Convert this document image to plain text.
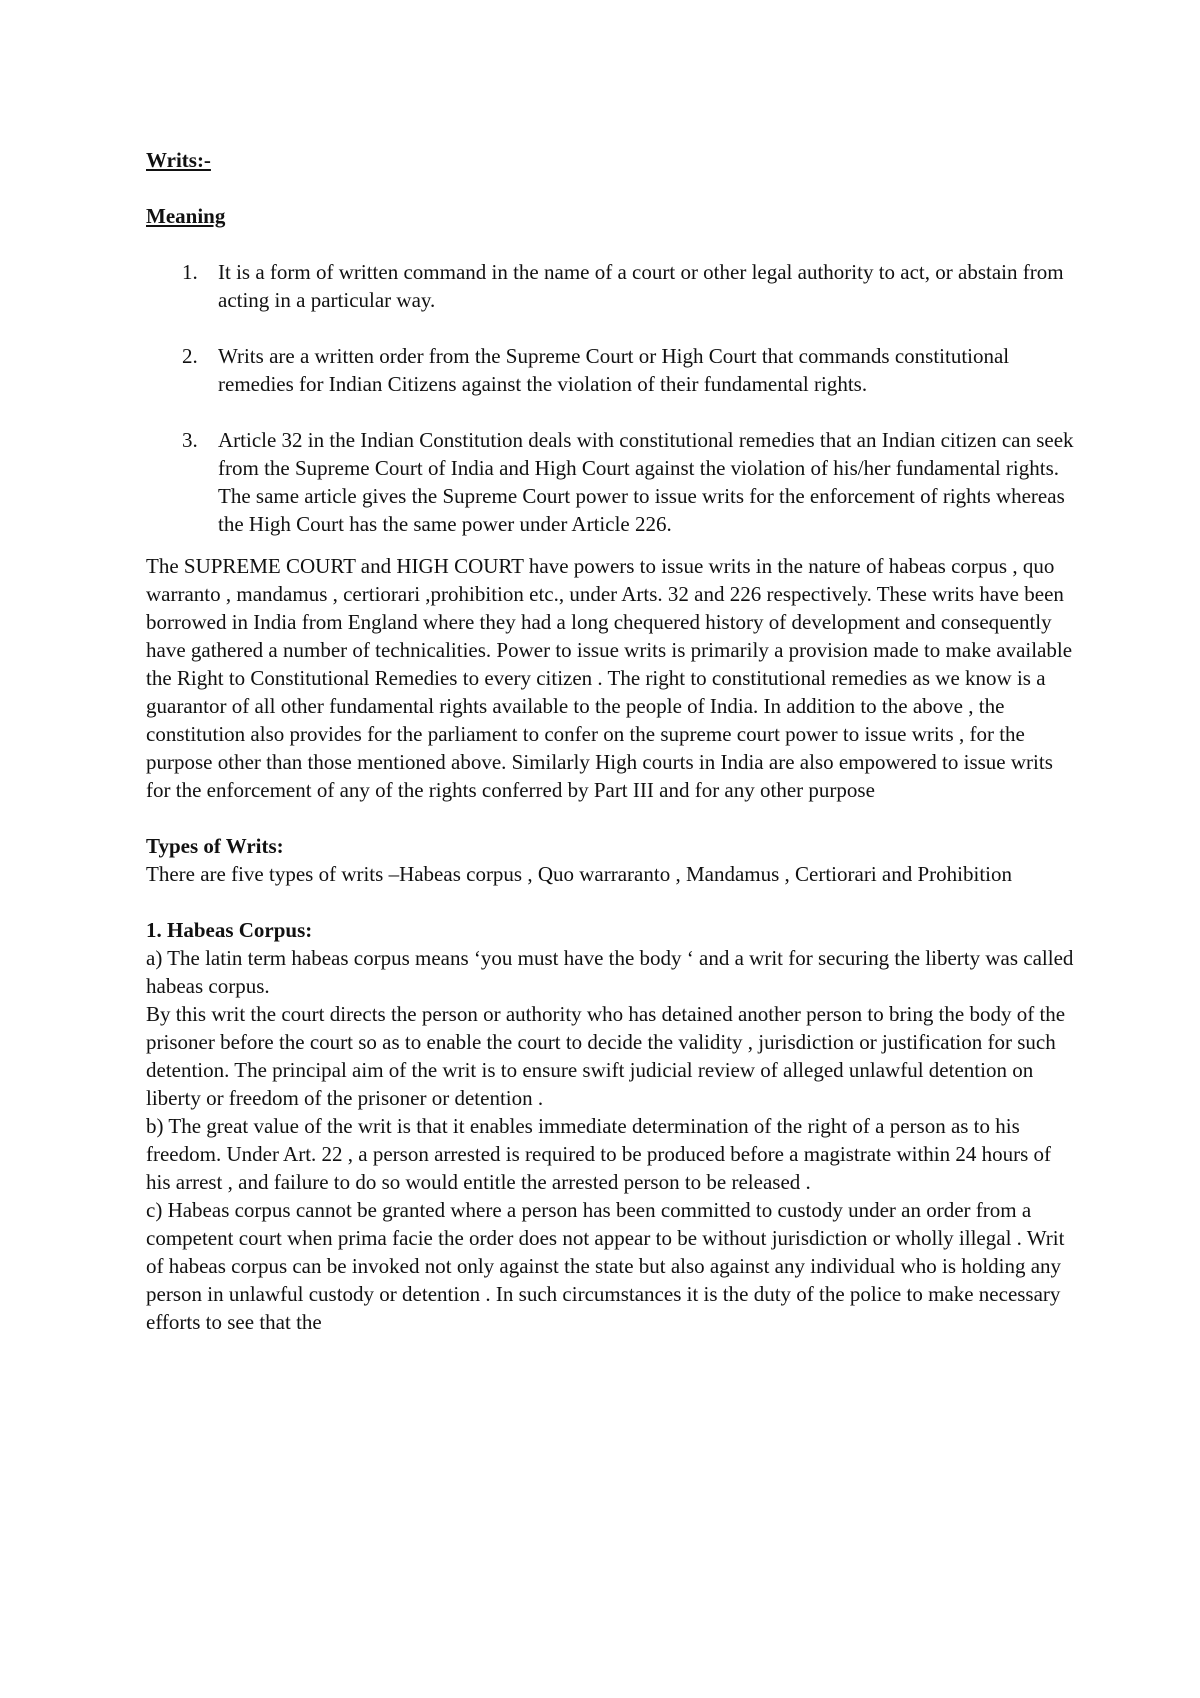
Writs:-

Meaning

1. It is a form of written command in the name of a court or other legal authority to act, or abstain from acting in a particular way.
2. Writs are a written order from the Supreme Court or High Court that commands constitutional remedies for Indian Citizens against the violation of their fundamental rights.
3. Article 32 in the Indian Constitution deals with constitutional remedies that an Indian citizen can seek from the Supreme Court of India and High Court against the violation of his/her fundamental rights. The same article gives the Supreme Court power to issue writs for the enforcement of rights whereas the High Court has the same power under Article 226.

The SUPREME COURT and HIGH COURT have powers to issue writs in the nature of habeas corpus , quo warranto , mandamus , certiorari ,prohibition etc., under Arts. 32 and 226 respectively. These writs have been borrowed in India from England where they had a long chequered history of development and consequently have gathered a number of technicalities. Power to issue writs is primarily a provision made to make available the Right to Constitutional Remedies to every citizen . The right to constitutional remedies as we know is a guarantor of all other fundamental rights available to the people of India. In addition to the above , the constitution also provides for the parliament to confer on the supreme court power to issue writs , for the purpose other than those mentioned above. Similarly High courts in India are also empowered to issue writs for the enforcement of any of the rights conferred by Part III and for any other purpose

Types of Writs:

There are five types of writs –Habeas corpus , Quo warraranto , Mandamus , Certiorari and Prohibition

1. Habeas Corpus:

a) The latin term habeas corpus means ‘you must have the body ‘ and a writ for securing the liberty was called habeas corpus.

By this writ the court directs the person or authority who has detained another person to bring the body of the prisoner before the court so as to enable the court to decide the validity , jurisdiction or justification for such detention. The principal aim of the writ is to ensure swift judicial review of alleged unlawful detention on liberty or freedom of the prisoner or detention .

b) The great value of the writ is that it enables immediate determination of the right of a person as to his freedom. Under Art. 22 , a person arrested is required to be produced before a magistrate within 24 hours of his arrest , and failure to do so would entitle the arrested person to be released .

c) Habeas corpus cannot be granted where a person has been committed to custody under an order from a competent court when prima facie the order does not appear to be without jurisdiction or wholly illegal . Writ of habeas corpus can be invoked not only against the state but also against any individual who is holding any person in unlawful custody or detention . In such circumstances it is the duty of the police to make necessary efforts to see that the
